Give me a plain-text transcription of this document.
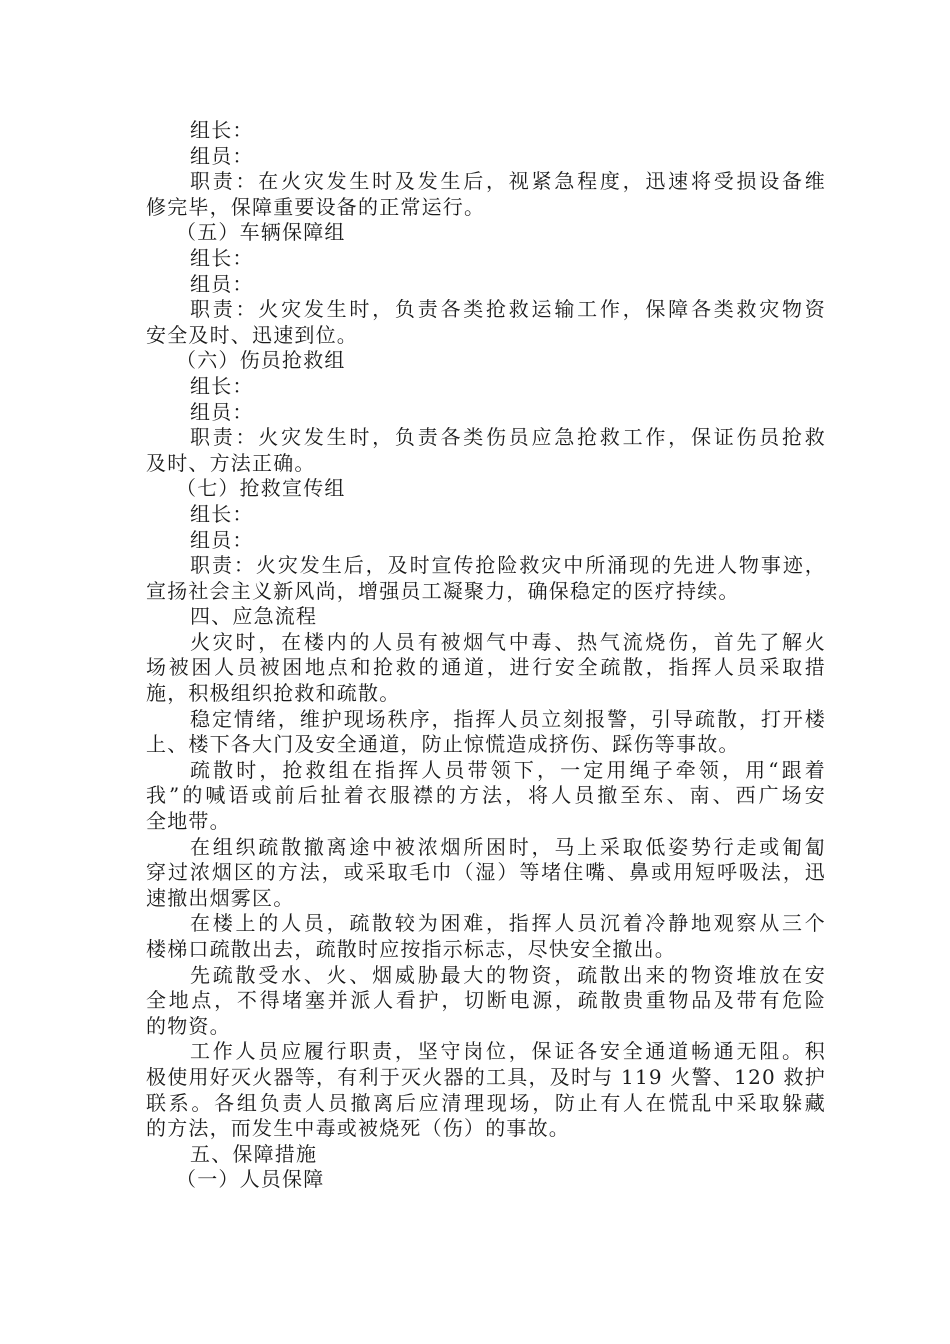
组长：
组员：
职责：在火灾发生时及发生后，视紧急程度，迅速将受损设备维
修完毕，保障重要设备的正常运行。
（五）车辆保障组
组长：
组员：
职责：火灾发生时，负责各类抢救运输工作，保障各类救灾物资
安全及时、迅速到位。
（六）伤员抢救组
组长：
组员：
职责：火灾发生时，负责各类伤员应急抢救工作，保证伤员抢救
及时、方法正确。
（七）抢救宣传组
组长：
组员：
职责：火灾发生后，及时宣传抢险救灾中所涌现的先进人物事迹，
宣扬社会主义新风尚，增强员工凝聚力，确保稳定的医疗持续。
四、应急流程
火灾时，在楼内的人员有被烟气中毒、热气流烧伤，首先了解火
场被困人员被困地点和抢救的通道，进行安全疏散，指挥人员采取措
施，积极组织抢救和疏散。
稳定情绪，维护现场秩序，指挥人员立刻报警，引导疏散，打开楼
上、楼下各大门及安全通道，防止惊慌造成挤伤、踩伤等事故。
疏散时，抢救组在指挥人员带领下，一定用绳子牵领，用“跟着
我”的喊语或前后扯着衣服襟的方法，将人员撤至东、南、西广场安
全地带。
在组织疏散撤离途中被浓烟所困时，马上采取低姿势行走或匍匐
穿过浓烟区的方法，或采取毛巾（湿）等堵住嘴、鼻或用短呼吸法，迅
速撤出烟雾区。
在楼上的人员，疏散较为困难，指挥人员沉着冷静地观察从三个
楼梯口疏散出去，疏散时应按指示标志，尽快安全撤出。
先疏散受水、火、烟威胁最大的物资，疏散出来的物资堆放在安
全地点，不得堵塞并派人看护，切断电源，疏散贵重物品及带有危险
的物资。
工作人员应履行职责，坚守岗位，保证各安全通道畅通无阻。积
极使用好灭火器等，有利于灭火器的工具，及时与 119 火警、120 救护
联系。各组负责人员撤离后应清理现场，防止有人在慌乱中采取躲藏
的方法，而发生中毒或被烧死（伤）的事故。
五、保障措施
（一）人员保障
